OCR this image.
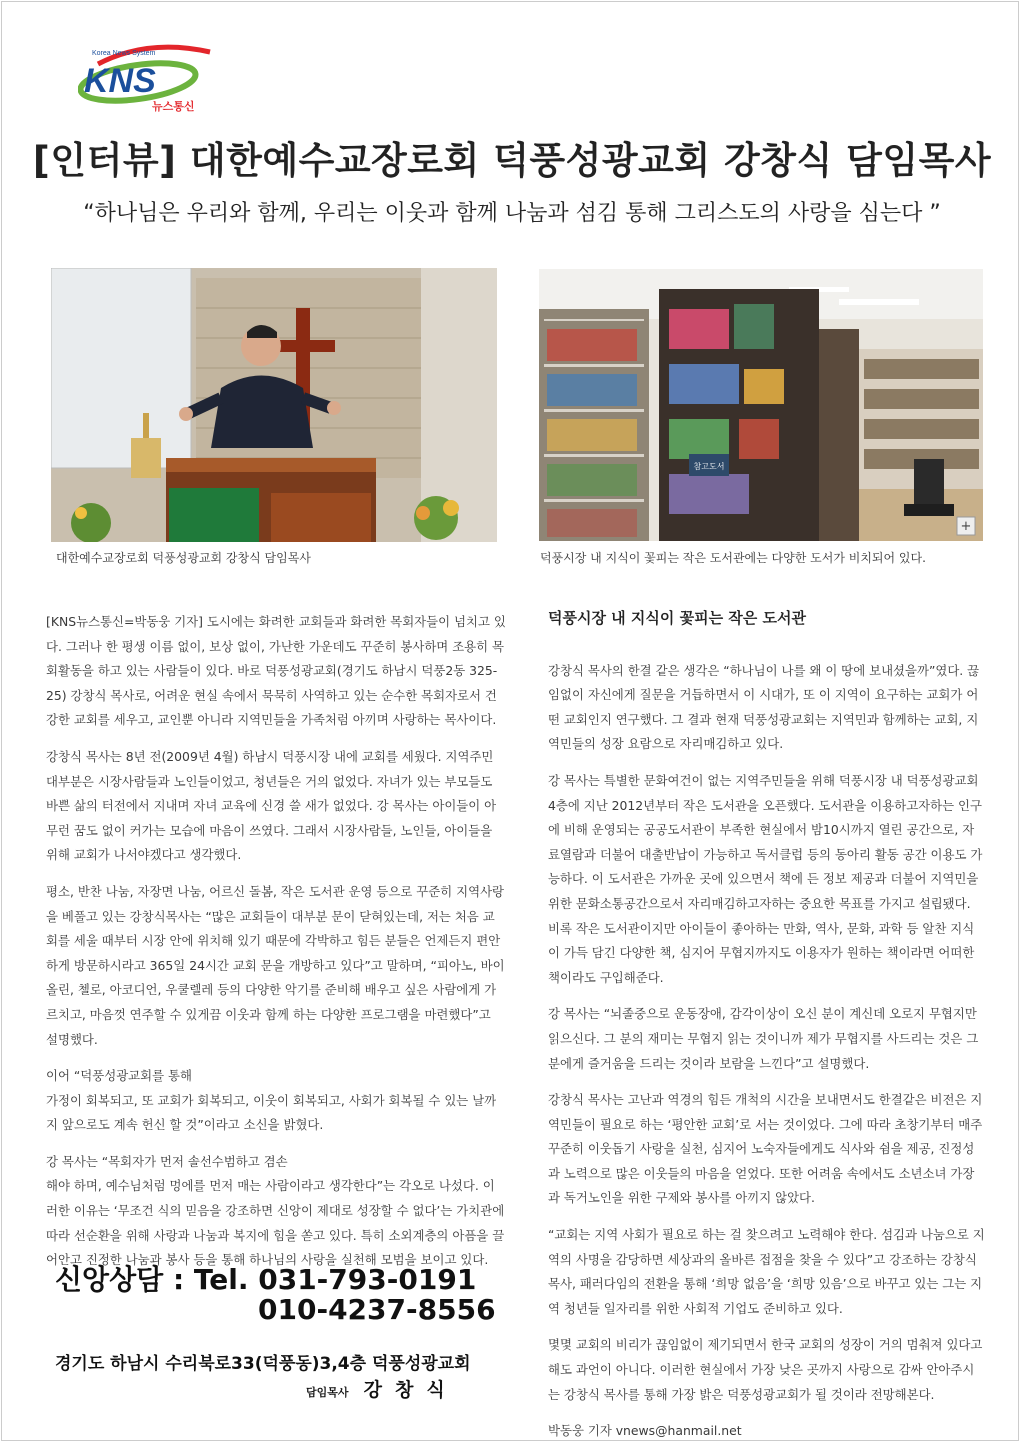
Korea News System
KNS
뉴스통신
[인터뷰] 대한예수교장로회 덕풍성광교회 강창식 담임목사
“하나님은 우리와 함께, 우리는 이웃과 함께 나눔과 섬김 통해 그리스도의 사랑을 심는다 ”
대한예수교장로회 덕풍성광교회 강창식 담임목사
참고도서
+
덕풍시장 내 지식이 꽃피는 작은 도서관에는 다양한 도서가 비치되어 있다.

[KNS뉴스통신=박동웅 기자] 도시에는 화려한 교회들과 화려한 목회자들이 넘치고 있다. 그러나 한 평생 이름 없이, 보상 없이, 가난한 가운데도 꾸준히 봉사하며 조용히 목회활동을 하고 있는 사람들이 있다. 바로 덕풍성광교회(경기도 하남시 덕풍2동 325-25) 강창식 목사로, 어려운 현실 속에서 묵묵히 사역하고 있는 순수한 목회자로서 건강한 교회를 세우고, 교인뿐 아니라 지역민들을 가족처럼 아끼며 사랑하는 목사이다.

강창식 목사는 8년 전(2009년 4월) 하남시 덕풍시장 내에 교회를 세웠다. 지역주민 대부분은 시장사람들과 노인들이었고, 청년들은 거의 없었다. 자녀가 있는 부모들도 바쁜 삶의 터전에서 지내며 자녀 교육에 신경 쓸 새가 없었다. 강 목사는 아이들이 아무런 꿈도 없이 커가는 모습에 마음이 쓰였다. 그래서 시장사람들, 노인들, 아이들을 위해 교회가 나서야겠다고 생각했다.

평소, 반찬 나눔, 자장면 나눔, 어르신 돌봄, 작은 도서관 운영 등으로 꾸준히 지역사랑을 베풀고 있는 강창식목사는 “많은 교회들이 대부분 문이 닫혀있는데, 저는 처음 교회를 세울 때부터 시장 안에 위치해 있기 때문에 각박하고 힘든 분들은 언제든지 편안하게 방문하시라고 365일 24시간 교회 문을 개방하고 있다”고 말하며, “피아노, 바이올린, 첼로, 아코디언, 우쿨렐레 등의 다양한 악기를 준비해 배우고 싶은 사람에게 가르치고, 마음껏 연주할 수 있게끔 이웃과 함께 하는 다양한 프로그램을 마련했다”고 설명했다.

이어 “덕풍성광교회를 통해
가정이 회복되고, 또 교회가 회복되고, 이웃이 회복되고, 사회가 회복될 수 있는 날까지 앞으로도 계속 헌신 할 것”이라고 소신을 밝혔다.

강 목사는 “목회자가 먼저 솔선수범하고 겸손
해야 하며, 예수님처럼 멍에를 먼저 매는 사람이라고 생각한다”는 각오로 나섰다. 이러한 이유는 ‘무조건 식의 믿음을 강조하면 신앙이 제대로 성장할 수 없다’는 가치관에 따라 선순환을 위해 사랑과 나눔과 복지에 힘을 쏟고 있다. 특히 소외계층의 아픔을 끌어안고 진정한 나눔과 봉사 등을 통해 하나님의 사랑을 실천해 모범을 보이고 있다.

덕풍시장 내 지식이 꽃피는 작은 도서관

강창식 목사의 한결 같은 생각은 “하나님이 나를 왜 이 땅에 보내셨을까”였다. 끊임없이 자신에게 질문을 거듭하면서 이 시대가, 또 이 지역이 요구하는 교회가 어떤 교회인지 연구했다. 그 결과 현재 덕풍성광교회는 지역민과 함께하는 교회, 지역민들의 성장 요람으로 자리매김하고 있다.

강 목사는 특별한 문화여건이 없는 지역주민들을 위해 덕풍시장 내 덕풍성광교회 4층에 지난 2012년부터 작은 도서관을 오픈했다. 도서관을 이용하고자하는 인구에 비해 운영되는 공공도서관이 부족한 현실에서 밤10시까지 열린 공간으로, 자료열람과 더불어 대출반납이 가능하고 독서클럽 등의 동아리 활동 공간 이용도 가능하다. 이 도서관은 가까운 곳에 있으면서 책에 든 정보 제공과 더불어 지역민을 위한 문화소통공간으로서 자리매김하고자하는 중요한 목표를 가지고 설립됐다. 비록 작은 도서관이지만 아이들이 좋아하는 만화, 역사, 문화, 과학 등 알찬 지식이 가득 담긴 다양한 책, 심지어 무협지까지도 이용자가 원하는 책이라면 어떠한 책이라도 구입해준다.

강 목사는 “뇌졸중으로 운동장애, 감각이상이 오신 분이 계신데 오로지 무협지만 읽으신다. 그 분의 재미는 무협지 읽는 것이니까 제가 무협지를 사드리는 것은 그 분에게 즐거움을 드리는 것이라 보람을 느낀다”고 설명했다.

강창식 목사는 고난과 역경의 힘든 개척의 시간을 보내면서도 한결같은 비전은 지역민들이 필요로 하는 ‘평안한 교회’로 서는 것이었다. 그에 따라 초창기부터 매주 꾸준히 이웃돕기 사랑을 실천, 심지어 노숙자들에게도 식사와 쉼을 제공, 진정성과 노력으로 많은 이웃들의 마음을 얻었다. 또한 어려움 속에서도 소년소녀 가장과 독거노인을 위한 구제와 봉사를 아끼지 않았다.

“교회는 지역 사회가 필요로 하는 걸 찾으려고 노력해야 한다. 섬김과 나눔으로 지역의 사명을 감당하면 세상과의 올바른 접점을 찾을 수 있다”고 강조하는 강창식 목사, 패러다임의 전환을 통해 ‘희망 없음’을 ‘희망 있음’으로 바꾸고 있는 그는 지역 청년들 일자리를 위한 사회적 기업도 준비하고 있다.

몇몇 교회의 비리가 끊임없이 제기되면서 한국 교회의 성장이 거의 멈춰져 있다고 해도 과언이 아니다. 이러한 현실에서 가장 낮은 곳까지 사랑으로 감싸 안아주시는 강창식 목사를 통해 가장 밝은 덕풍성광교회가 될 것이라 전망해본다.

박동웅 기자 vnews@hanmail.net

신앙상담 : Tel. 031-793-0191
010-4237-8556
경기도 하남시 수리북로33(덕풍동)3,4층 덕풍성광교회
담임목사 강창식
